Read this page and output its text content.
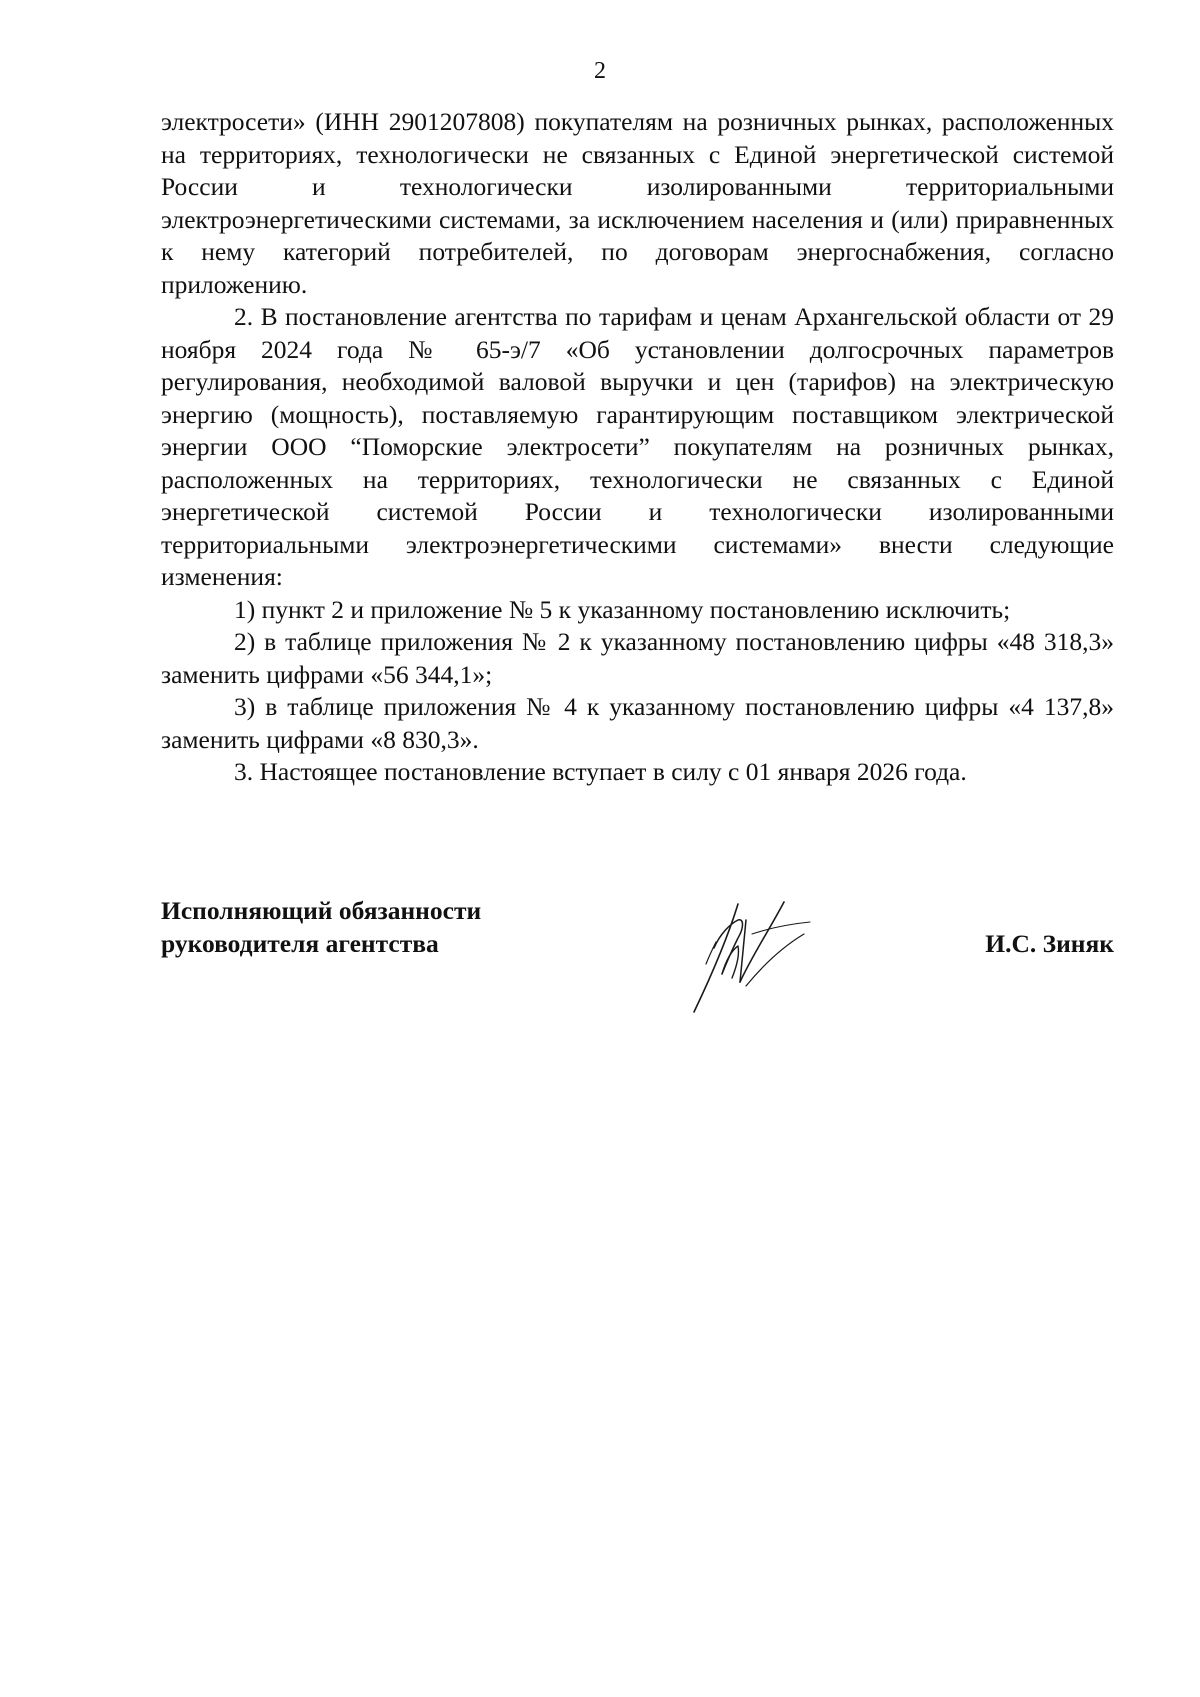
2

электросети» (ИНН 2901207808) покупателям на розничных рынках, расположенных на территориях, технологически не связанных с Единой энергетической системой России и технологически изолированными территориальными электроэнергетическими системами, за исключением населения и (или) приравненных к нему категорий потребителей, по договорам энергоснабжения, согласно приложению.

2. В постановление агентства по тарифам и ценам Архангельской области от 29 ноября 2024 года № 65-э/7 «Об установлении долгосрочных параметров регулирования, необходимой валовой выручки и цен (тарифов) на электрическую энергию (мощность), поставляемую гарантирующим поставщиком электрической энергии ООО “Поморские электросети” покупателям на розничных рынках, расположенных на территориях, технологически не связанных с Единой энергетической системой России и технологически изолированными территориальными электроэнергетическими системами» внести следующие изменения:

1) пункт 2 и приложение № 5 к указанному постановлению исключить;

2) в таблице приложения № 2 к указанному постановлению цифры «48 318,3» заменить цифрами «56 344,1»;

3) в таблице приложения № 4 к указанному постановлению цифры «4 137,8» заменить цифрами «8 830,3».

3. Настоящее постановление вступает в силу с 01 января 2026 года.

Исполняющий обязанности
руководителя агентства	И.С. Зиняк
